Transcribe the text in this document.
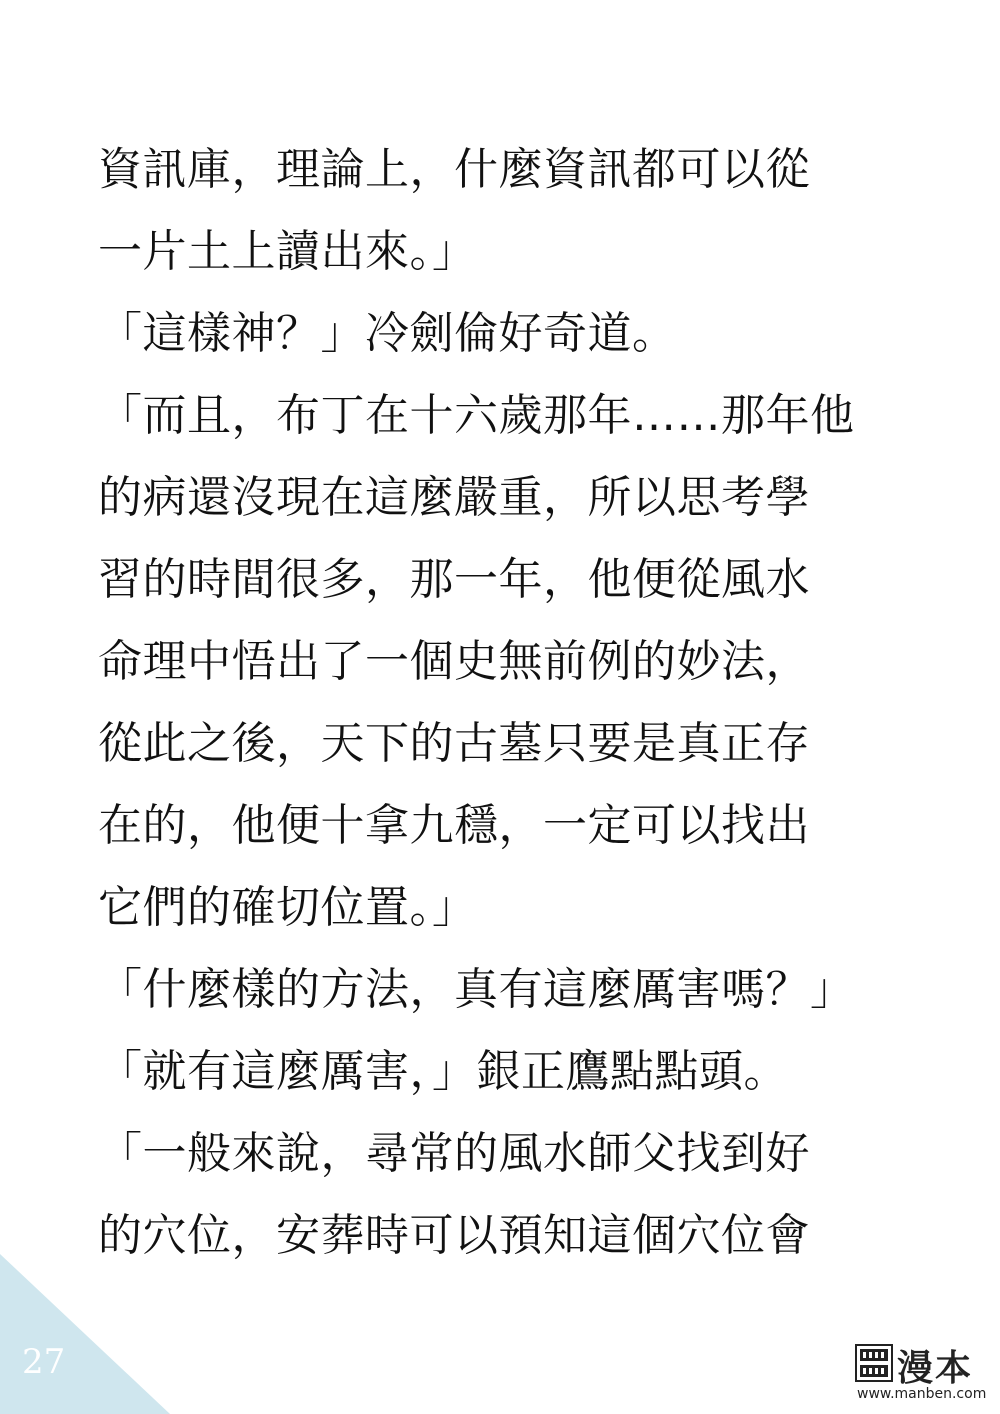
資訊庫，理論上，什麼資訊都可以從
一片土上讀出來。」
「這樣神？」冷劍倫好奇道。
「而且，布丁在十六歲那年……那年他
的病還沒現在這麼嚴重，所以思考學
習的時間很多，那一年，他便從風水
命理中悟出了一個史無前例的妙法，
從此之後，天下的古墓只要是真正存
在的，他便十拿九穩，一定可以找出
它們的確切位置。」
「什麼樣的方法，真有這麼厲害嗎？」
「就有這麼厲害，」銀正鷹點點頭。
「一般來說，尋常的風水師父找到好
的穴位，安葬時可以預知這個穴位會
27	漫本
www.manben.com
